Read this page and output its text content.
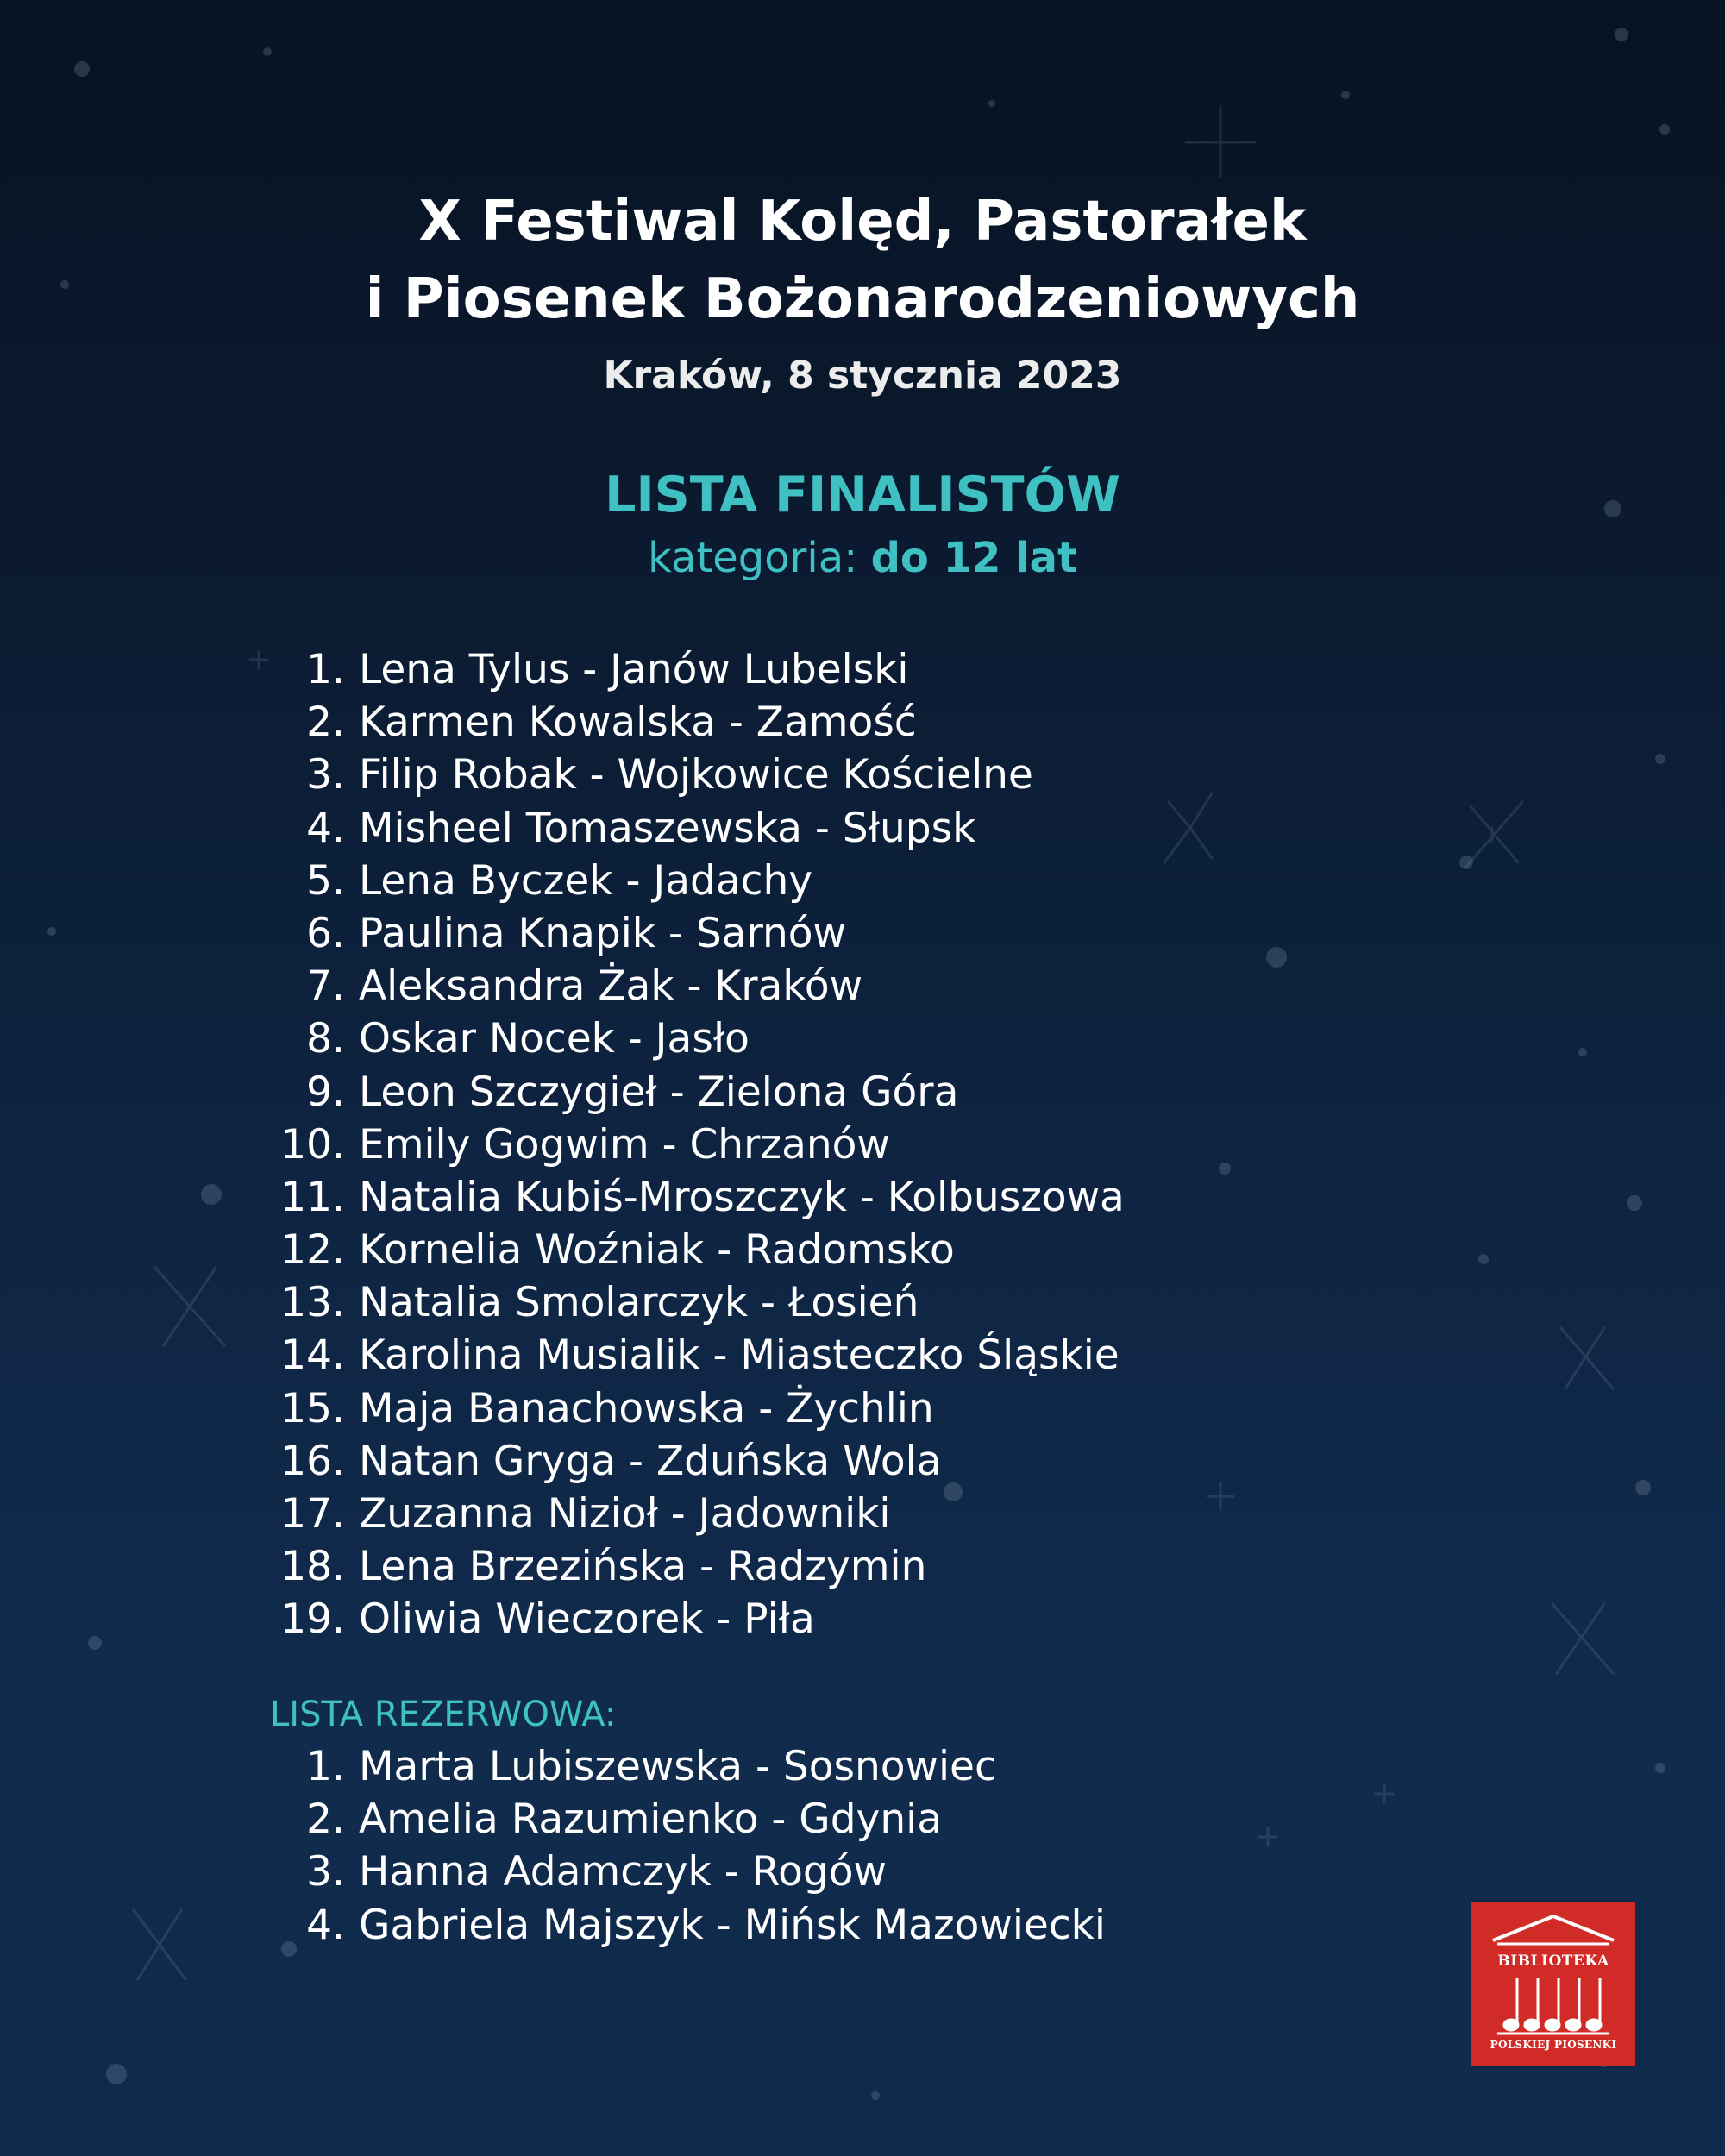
X Festiwal Kolęd, Pastorałek
i Piosenek Bożonarodzeniowych
Kraków, 8 stycznia 2023
LISTA FINALISTÓW
kategoria: do 12 lat
1. Lena Tylus - Janów Lubelski
2. Karmen Kowalska - Zamość
3. Filip Robak - Wojkowice Kościelne
4. Misheel Tomaszewska - Słupsk
5. Lena Byczek - Jadachy
6. Paulina Knapik - Sarnów
7. Aleksandra Żak - Kraków
8. Oskar Nocek - Jasło
9. Leon Szczygieł - Zielona Góra
10. Emily Gogwim - Chrzanów
11. Natalia Kubiś-Mroszczyk - Kolbuszowa
12. Kornelia Woźniak - Radomsko
13. Natalia Smolarczyk - Łosień
14. Karolina Musialik - Miasteczko Śląskie
15. Maja Banachowska - Żychlin
16. Natan Gryga - Zduńska Wola
17. Zuzanna Nizioł - Jadowniki
18. Lena Brzezińska - Radzymin
19. Oliwia Wieczorek - Piła
LISTA REZERWOWA:
1. Marta Lubiszewska - Sosnowiec
2. Amelia Razumienko - Gdynia
3. Hanna Adamczyk - Rogów
4. Gabriela Majszyk - Mińsk Mazowiecki
BIBLIOTEKA
POLSKIEJ PIOSENKI
